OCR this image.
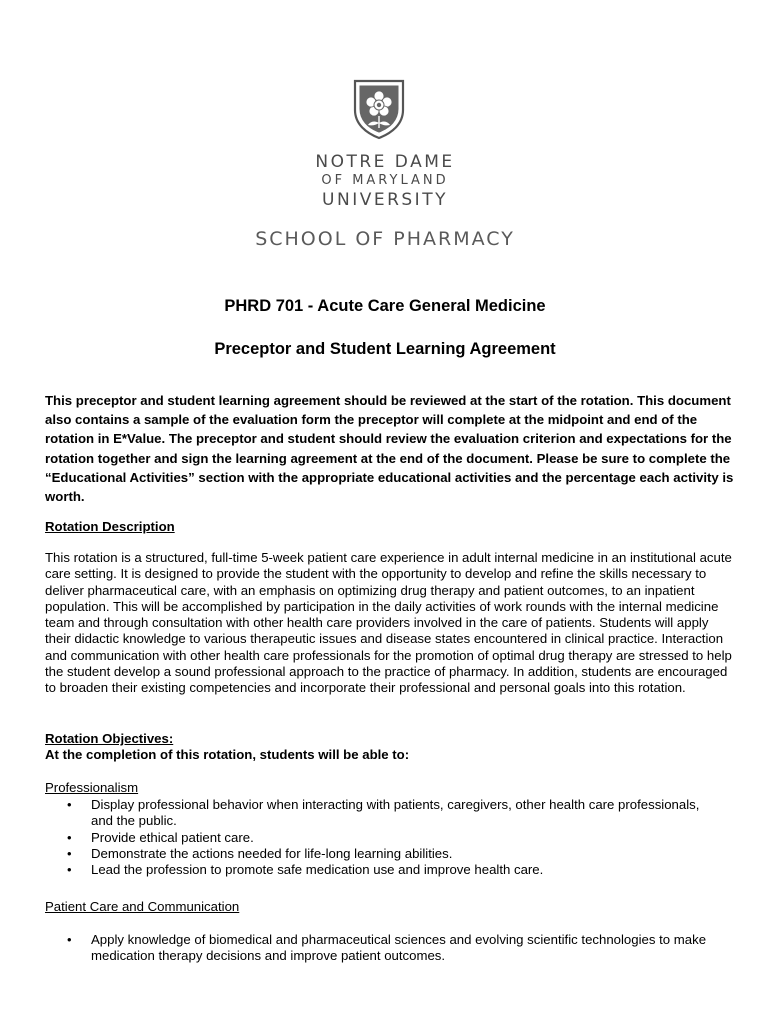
NOTRE DAME
OF MARYLAND
UNIVERSITY
SCHOOL OF PHARMACY
PHRD 701 - Acute Care General Medicine
Preceptor and Student Learning Agreement
This preceptor and student learning agreement should be reviewed at the start of the rotation. This document also contains a sample of the evaluation form the preceptor will complete at the midpoint and end of the rotation in E*Value. The preceptor and student should review the evaluation criterion and expectations for the rotation together and sign the learning agreement at the end of the document. Please be sure to complete the “Educational Activities” section with the appropriate educational activities and the percentage each activity is worth.
Rotation Description
This rotation is a structured, full-time 5-week patient care experience in adult internal medicine in an institutional acute care setting. It is designed to provide the student with the opportunity to develop and refine the skills necessary to deliver pharmaceutical care, with an emphasis on optimizing drug therapy and patient outcomes, to an inpatient population. This will be accomplished by participation in the daily activities of work rounds with the internal medicine team and through consultation with other health care providers involved in the care of patients. Students will apply their didactic knowledge to various therapeutic issues and disease states encountered in clinical practice. Interaction and communication with other health care professionals for the promotion of optimal drug therapy are stressed to help the student develop a sound professional approach to the practice of pharmacy. In addition, students are encouraged to broaden their existing competencies and incorporate their professional and personal goals into this rotation.
Rotation Objectives:
At the completion of this rotation, students will be able to:
Professionalism
• Display professional behavior when interacting with patients, caregivers, other health care professionals, and the public.
• Provide ethical patient care.
• Demonstrate the actions needed for life-long learning abilities.
• Lead the profession to promote safe medication use and improve health care.
Patient Care and Communication
• Apply knowledge of biomedical and pharmaceutical sciences and evolving scientific technologies to make medication therapy decisions and improve patient outcomes.
